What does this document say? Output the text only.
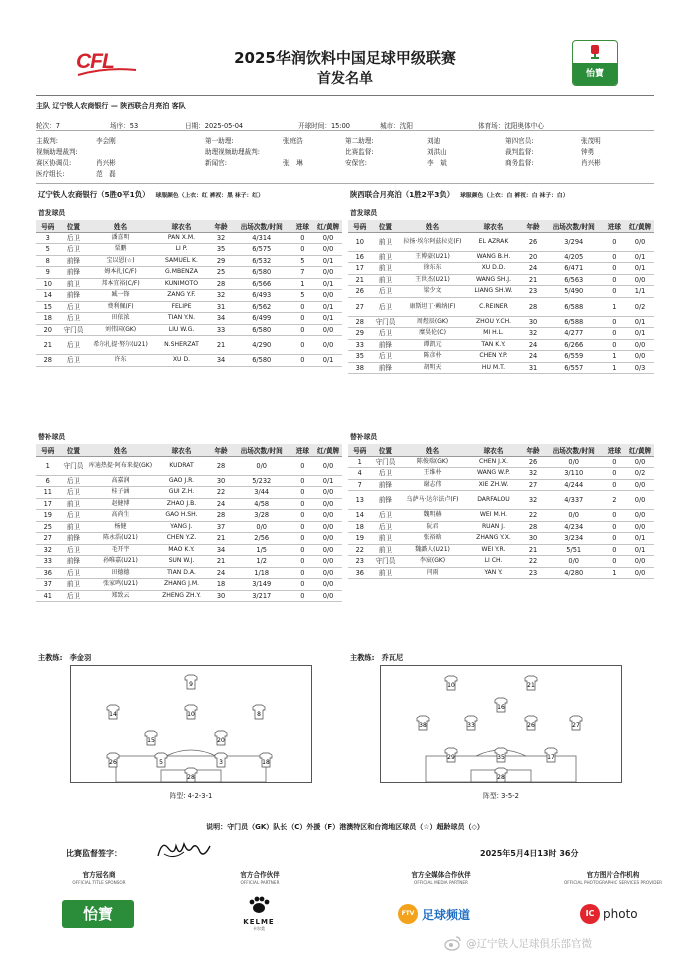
CFL
怡寶
2025华润饮料中国足球甲级联赛
首发名单
主队 辽宁铁人农商银行 — 陕西联合月亮泊 客队
轮次：7	场序：53	日期：2025-05-04	开球时间：15:00	城市：沈阳	体育场：沈阳奥体中心
主裁判:	李会刚	第一助理:	张庭浩	第二助理:	刘迪	第四官员:	张茂明
视频助理裁判:	助理视频助理裁判:	比赛监督:	刘洪山	裁判监督:	钟勇
赛区协调员:	肖兴彬	新闻官:	张　琳	安保官:	李　斌	商务监督:	肖兴彬
医疗组长:	范　磊
辽宁铁人农商银行（5胜0平1负） 球服颜色（上衣：红 裤衩：黑 袜子：红）	陕西联合月亮泊（1胜2平3负） 球服颜色（上衣：白 裤衩：白 袜子：白）
首发球员	首发球员
号码	位置	姓名	球衣名	年龄	出场次数/时间	进球	红/黄牌
3	后卫	潘喜明	PAN X.M.	32	4/314	0	0/0
5	后卫	栗鹏	LI P.	35	6/575	0	0/0
8	前锋	宝以恩(☆)	SAMUEL K.	29	6/532	5	0/1
9	前锋	姆本扎(C/F)	G.MBENZA	25	6/580	7	0/0
10	前卫	邦本宜裕(C/F)	KUNIMOTO	28	6/566	1	0/1
14	前锋	臧一锋	ZANG Y.F.	32	6/493	5	0/0
15	后卫	费利佩(F)	FELIPE	31	6/562	0	0/1
18	后卫	田依浓	TIAN Y.N.	34	6/499	0	0/1
20	守门员	刘伟国(GK)	LIU W.G.	33	6/580	0	0/0
21	后卫	希尔扎提·努尔(U21)	N.SHERZAT	21	4/290	0	0/0
28	后卫	许东	XU D.	34	6/580	0	0/1
号码	位置	姓名	球衣名	年龄	出场次数/时间	进球	红/黄牌
10	前卫	拉扬·埃尔阿兹拉克(F)	EL AZRAK	26	3/294	0	0/0
16	前卫	王博豪(U21)	WANG B.H.	20	4/205	0	0/1
17	前卫	徐东东	XU D.D.	24	6/471	0	0/1
21	前卫	王世杰(U21)	WANG SH.J.	21	6/563	0	0/0
26	后卫	梁少文	LIANG SH.W.	23	5/490	0	1/1
27	后卫	康斯坦丁·赖纳(F)	C.REINER	28	6/588	1	0/2
28	守门员	周煜辰(GK)	ZHOU Y.CH.	30	6/588	0	0/1
29	后卫	糜昊伦(C)	MI H.L.	32	4/277	0	0/1
33	前锋	谭凯元	TAN K.Y.	24	6/266	0	0/0
35	后卫	陈彦朴	CHEN Y.P.	24	6/559	1	0/0
38	前锋	胡明天	HU M.T.	31	6/557	1	0/3
替补球员	替补球员
号码	位置	姓名	球衣名	年龄	出场次数/时间	进球	红/黄牌
1	守门员	库迪热提·阿布来提(GK)	KUDRAT	28	0/0	0	0/0
6	后卫	高嘉润	GAO J.R.	30	5/232	0	0/1
11	后卫	桂子涵	GUI Z.H.	22	3/44	0	0/0
17	前卫	赵健博	ZHAO J.B.	24	4/58	0	0/0
19	后卫	高尚生	GAO H.SH.	28	3/28	0	0/0
25	前卫	杨健	YANG J.	37	0/0	0	0/0
27	前锋	陈永浩(U21)	CHEN Y.Z.	21	2/56	0	0/0
32	后卫	毛开宇	MAO K.Y.	34	1/5	0	0/0
33	前锋	孙唯嘉(U21)	SUN W.J.	21	1/2	0	0/0
36	后卫	田德德	TIAN D.A.	24	1/18	0	0/0
37	前卫	张家鸣(U21)	ZHANG J.M.	18	3/149	0	0/0
41	后卫	郑致云	ZHENG ZH.Y.	30	3/217	0	0/0
号码	位置	姓名	球衣名	年龄	出场次数/时间	进球	红/黄牌
1	守门员	陈俊瑞(GK)	CHEN J.X.	26	0/0	0	0/0
4	后卫	王维朴	WANG W.P.	32	3/110	0	0/2
7	前锋	谢志伟	XIE ZH.W.	27	4/244	0	0/0
13	前锋	乌萨马·达尔法卢(F)	DARFALOU	32	4/337	2	0/0
14	后卫	魏明赫	WEI M.H.	22	0/0	0	0/0
18	后卫	阮君	RUAN J.	28	4/234	0	0/0
19	前卫	张裕晗	ZHANG Y.X.	30	3/234	0	0/1
22	前卫	魏潞人(U21)	WEI Y.R.	21	5/51	0	0/1
23	守门员	李宸(GK)	LI CH.	22	0/0	0	0/0
36	前卫	闫雨	YAN Y.	23	4/280	1	0/0
主教练:　李金羽	主教练:　乔瓦尼
9
14	10	8
15	20
26	5	3	18
28
阵型: 4-2-3-1
10	21
38	33
16
26	27
29	35	17
28
阵型: 3-5-2
说明：守门员（GK）队长（C）外援（F）港澳特区和台湾地区球员（☆）超龄球员（◇）
比赛监督签字：	2025年5月4日13时 36分
官方冠名商
OFFICIAL TITLE SPONSOR
官方合作伙伴
OFFICIAL PARTNER
官方全媒体合作伙伴
OFFICIAL MEDIA PARTNER
官方图片合作机构
OFFICIAL PHOTOGRAPHIC SERVICES PROVIDER
怡寶	KELME
卡尔美
FTV 足球频道	IC photo
@辽宁铁人足球俱乐部官微
